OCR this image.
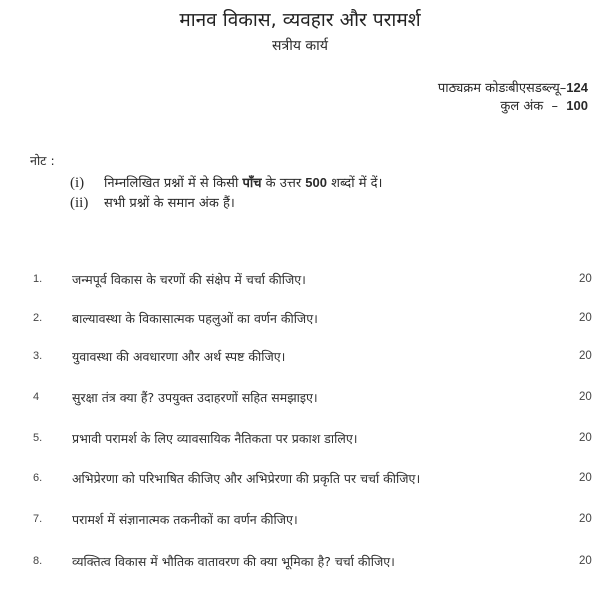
मानव विकास, व्यवहार और परामर्श
सत्रीय कार्य
पाठ्यक्रम कोडःबीएसडब्ल्यू–124
कुल अंक  –  100
नोट :
(i) निम्नलिखित प्रश्नों में से किसी पाँच के उत्तर 500 शब्दों में दें।
(ii) सभी प्रश्नों के समान अंक हैं।
1. जन्मपूर्व विकास के चरणों की संक्षेप में चर्चा कीजिए।	20
2. बाल्यावस्था के विकासात्मक पहलुओं का वर्णन कीजिए।	20
3. युवावस्था की अवधारणा और अर्थ स्पष्ट कीजिए।	20
4	सुरक्षा तंत्र क्या हैं? उपयुक्त उदाहरणों सहित समझाइए।	20
5. प्रभावी परामर्श के लिए व्यावसायिक नैतिकता पर प्रकाश डालिए।	20
6. अभिप्रेरणा को परिभाषित कीजिए और अभिप्रेरणा की प्रकृति पर चर्चा कीजिए।	20
7. परामर्श में संज्ञानात्मक तकनीकों का वर्णन कीजिए।	20
8. व्यक्तित्व विकास में भौतिक वातावरण की क्या भूमिका है? चर्चा कीजिए।	20
